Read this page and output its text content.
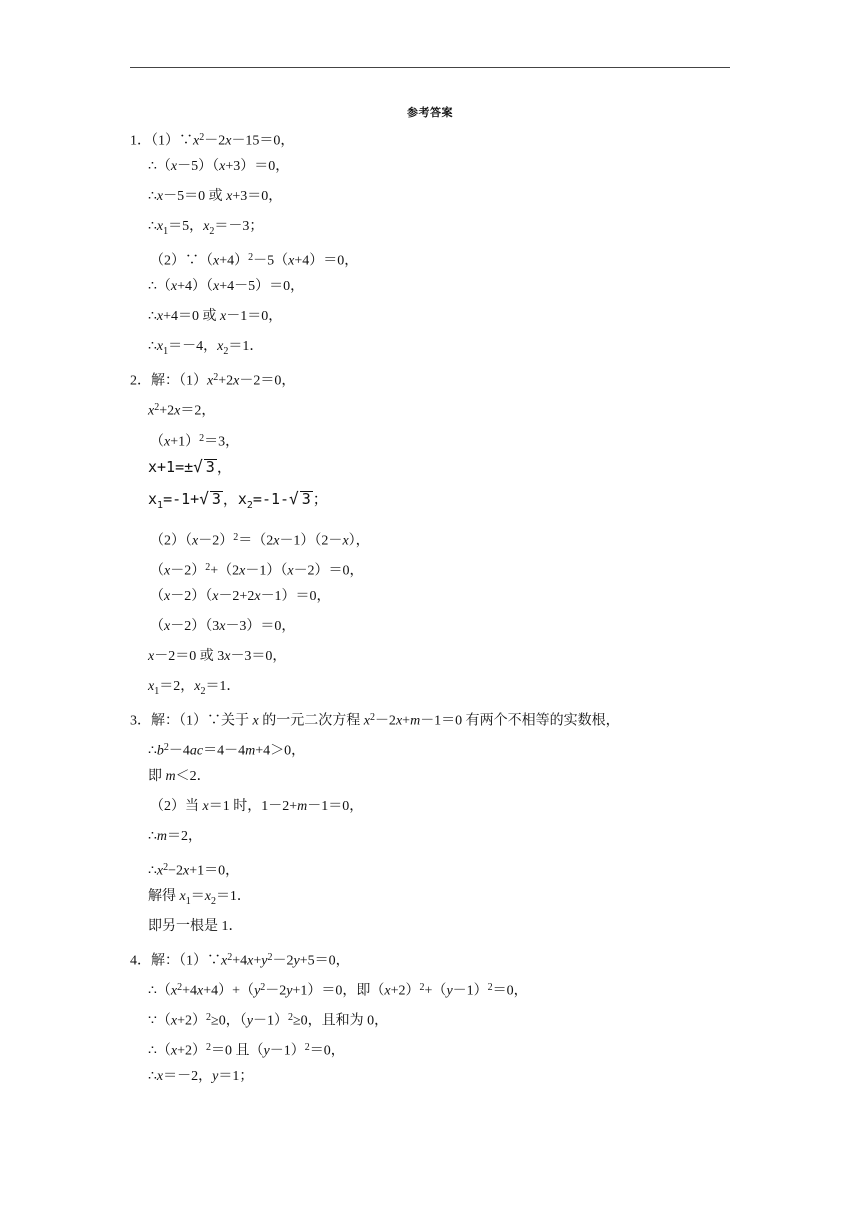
参考答案
1．$(1)\because x^2-2x-15=0$，
∴（x－5）（x+3）＝0，
∴x－5＝0 或 x+3＝0，
$\therefore x_1=5$，$x_2=-3$；
$(2)\because(x+4)^2-5(x+4)=0$，
∴（x+4）（x+4－5）＝0，
∴x+4＝0 或 x－1＝0，
$\therefore x_1=-4$，$x_2=1$．
2．解：$(1)x^2+2x-2=0$，
$x^2+2x=2$，
$(x+1)^2=3$，
x+1=±√ 3 ，
$x_1=-1+√$ 3 ，$x_2=-1-√$ 3 ；
$(2)(x-2)^2=(2x-1)(2-x)$，
$(x-2)^2+(2x-1)(x-2)=0$，
（x－2）（x－2+2x－1）＝0，
（x－2）（3x－3）＝0，
x－2＝0 或 3x－3＝0，
$x_1=2$，$x_2=1$．
3．解：（1）∵关于 x 的一元二次方程 $x^2-2x+m-1=0$ 有两个不相等的实数根，
$\therefore b^2-4ac=4-4m+4>0$，
即 m＜2．
（2）当 x＝1 时，1－2+m－1＝0，
∴m＝2，
$\therefore x^2-2x+1=0$，
解得 $x_1=x_2=1$．
即另一根是 1．
4．解：$(1)\because x^2+4x+y^2-2y+5=0$，
$\therefore(x^2+4x+4)+(y^2-2y+1)=0$，即$(x+2)^2+(y-1)^2=0$，
$\because(x+2)^2\ge 0$，$(y-1)^2\ge 0$，且和为 0，
$\therefore(x+2)^2=0$ 且$(y-1)^2=0$，
∴x＝－2，y＝1；
